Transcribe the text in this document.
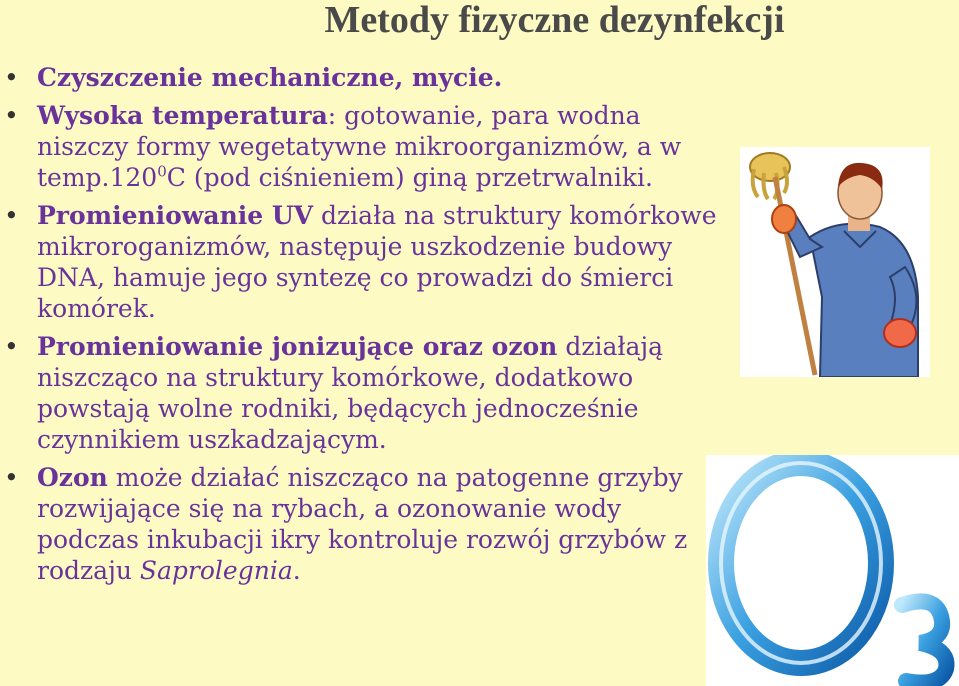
Metody fizyczne dezynfekcji
• Czyszczenie mechaniczne, mycie.
• Wysoka temperatura: gotowanie, para wodna niszczy formy wegetatywne mikroorganizmów, a w temp.120$^0$C (pod ciśnieniem) giną przetrwalniki.
• Promieniowanie UV działa na struktury komórkowe mikroroganizmów, następuje uszkodzenie budowy DNA, hamuje jego syntezę co prowadzi do śmierci komórek.
• Promieniowanie jonizujące oraz ozon działają niszcząco na struktury komórkowe, dodatkowo powstają wolne rodniki, będących jednocześnie czynnikiem uszkadzającym.
• Ozon może działać niszcząco na patogenne grzyby rozwijające się na rybach, a ozonowanie wody podczas inkubacji ikry kontroluje rozwój grzybów z rodzaju Saprolegnia.
